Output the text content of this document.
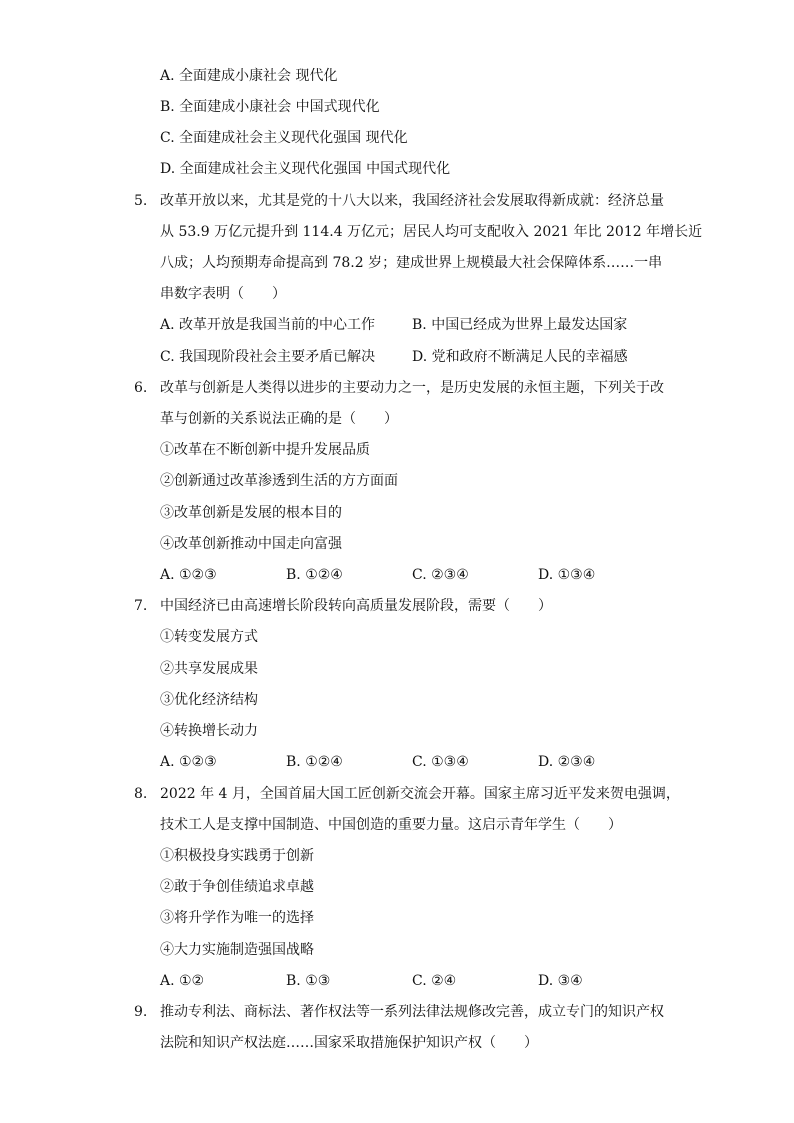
A. 全面建成小康社会 现代化
B. 全面建成小康社会 中国式现代化
C. 全面建成社会主义现代化强国 现代化
D. 全面建成社会主义现代化强国 中国式现代化
5. 改革开放以来，尤其是党的十八大以来，我国经济社会发展取得新成就：经济总量
从 53.9 万亿元提升到 114.4 万亿元；居民人均可支配收入 2021 年比 2012 年增长近
八成；人均预期寿命提高到 78.2 岁；建成世界上规模最大社会保障体系……一串
串数字表明（　　）
A. 改革开放是我国当前的中心工作	B. 中国已经成为世界上最发达国家
C. 我国现阶段社会主要矛盾已解决	D. 党和政府不断满足人民的幸福感
6. 改革与创新是人类得以进步的主要动力之一，是历史发展的永恒主题，下列关于改
革与创新的关系说法正确的是（　　）
①改革在不断创新中提升发展品质
②创新通过改革渗透到生活的方方面面
③改革创新是发展的根本目的
④改革创新推动中国走向富强
A. ①②③	B. ①②④	C. ②③④	D. ①③④
7. 中国经济已由高速增长阶段转向高质量发展阶段，需要（　　）
①转变发展方式
②共享发展成果
③优化经济结构
④转换增长动力
A. ①②③	B. ①②④	C. ①③④	D. ②③④
8. 2022 年 4 月，全国首届大国工匠创新交流会开幕。国家主席习近平发来贺电强调，
技术工人是支撑中国制造、中国创造的重要力量。这启示青年学生（　　）
①积极投身实践勇于创新
②敢于争创佳绩追求卓越
③将升学作为唯一的选择
④大力实施制造强国战略
A. ①②	B. ①③	C. ②④	D. ③④
9. 推动专利法、商标法、著作权法等一系列法律法规修改完善，成立专门的知识产权
法院和知识产权法庭……国家采取措施保护知识产权（　　）
